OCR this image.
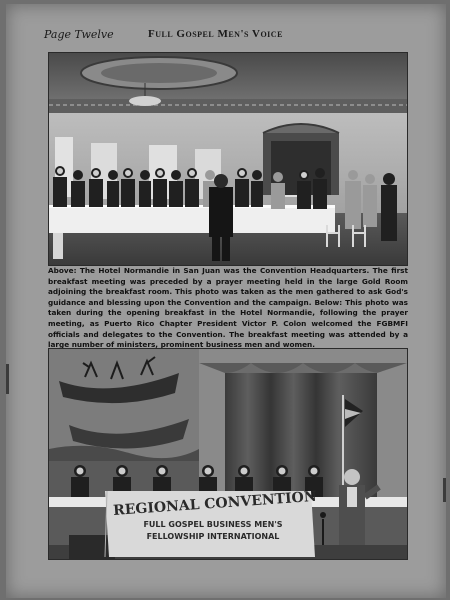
Page Twelve	Full Gospel Men's Voice
Above: The Hotel Normandie in San Juan was the Convention Headquarters. The first breakfast meeting was preceded by a prayer meeting held in the large Gold Room adjoining the breakfast room. This photo was taken as the men gathered to ask God's guidance and blessing upon the Convention and the campaign. Below: This photo was taken during the opening breakfast in the Hotel Normandie, following the prayer meeting, as Puerto Rico Chapter President Victor P. Colon welcomed the FGBMFI officials and delegates to the Convention. The breakfast meeting was attended by a large number of ministers, prominent business men and women.
REGIONAL CONVENTION
FULL GOSPEL BUSINESS MEN'S
FELLOWSHIP INTERNATIONAL
